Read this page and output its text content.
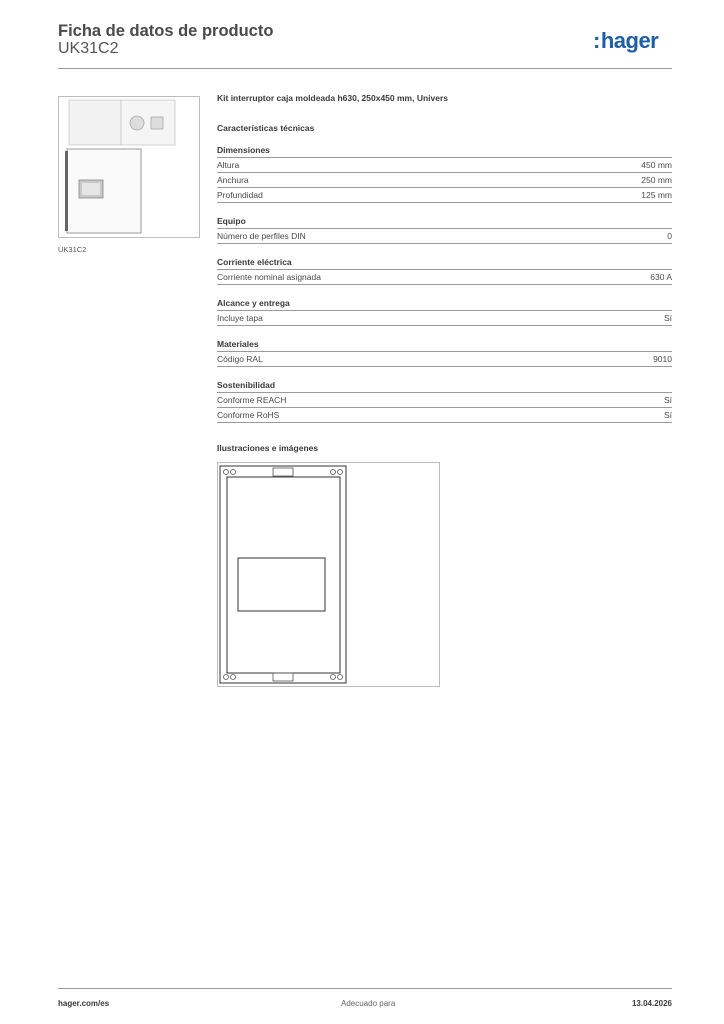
Ficha de datos de producto
UK31C2	:hager
UK31C2
Kit interruptor caja moldeada h630, 250x450 mm, Univers
Características técnicas
Dimensiones
Altura	450 mm
Anchura	250 mm
Profundidad	125 mm
Equipo
Número de perfiles DIN	0
Corriente eléctrica
Corriente nominal asignada	630 A
Alcance y entrega
Incluye tapa	Sí
Materiales
Código RAL	9010
Sostenibilidad
Conforme REACH	Sí
Conforme RoHS	Sí
Ilustraciones e imágenes
hager.com/es	Adecuado para	13.04.2026
